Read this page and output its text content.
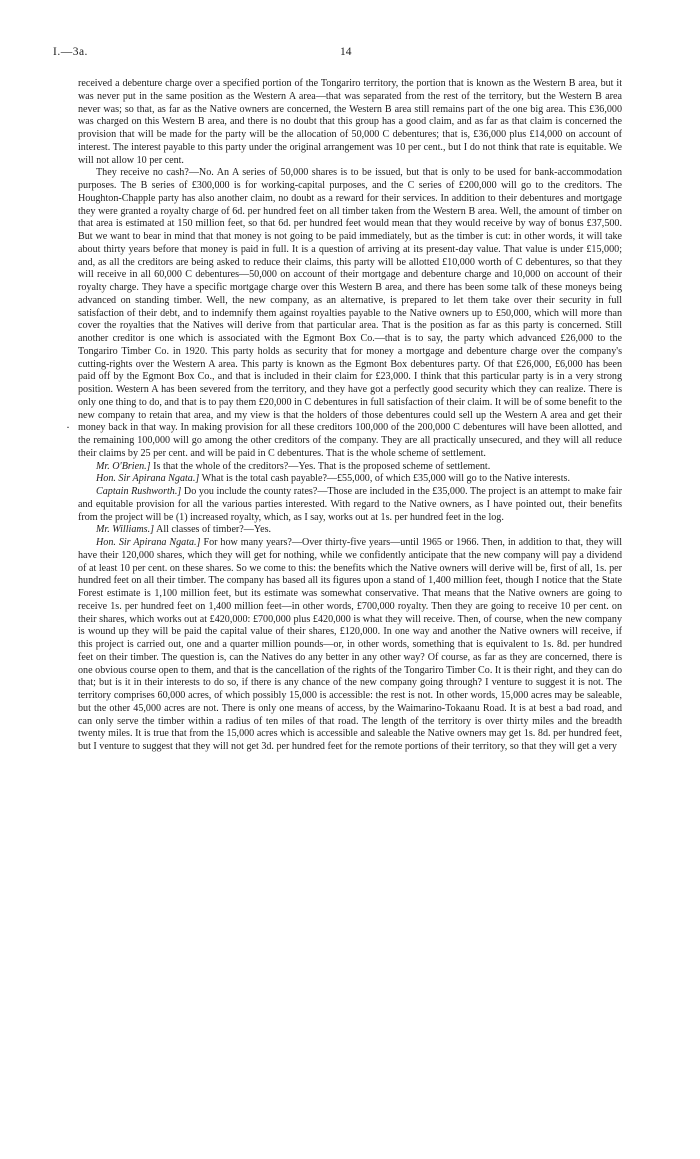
I.—3a.	14
·

received a debenture charge over a specified portion of the Tongariro territory, the portion that is known as the Western B area, but it was never put in the same position as the Western A area—that was separated from the rest of the territory, but the Western B area never was; so that, as far as the Native owners are concerned, the Western B area still remains part of the one big area. This £36,000 was charged on this Western B area, and there is no doubt that this group has a good claim, and as far as that claim is concerned the provision that will be made for the party will be the allocation of 50,000 C debentures; that is, £36,000 plus £14,000 on account of interest. The interest payable to this party under the original arrangement was 10 per cent., but I do not think that rate is equitable. We will not allow 10 per cent.

They receive no cash?—No. An A series of 50,000 shares is to be issued, but that is only to be used for bank-accommodation purposes. The B series of £300,000 is for working-capital purposes, and the C series of £200,000 will go to the creditors. The Houghton-Chapple party has also another claim, no doubt as a reward for their services. In addition to their debentures and mortgage they were granted a royalty charge of 6d. per hundred feet on all timber taken from the Western B area. Well, the amount of timber on that area is estimated at 150 million feet, so that 6d. per hundred feet would mean that they would receive by way of bonus £37,500. But we want to bear in mind that that money is not going to be paid immediately, but as the timber is cut: in other words, it will take about thirty years before that money is paid in full. It is a question of arriving at its present-day value. That value is under £15,000; and, as all the creditors are being asked to reduce their claims, this party will be allotted £10,000 worth of C debentures, so that they will receive in all 60,000 C debentures—50,000 on account of their mortgage and debenture charge and 10,000 on account of their royalty charge. They have a specific mortgage charge over this Western B area, and there has been some talk of these moneys being advanced on standing timber. Well, the new company, as an alternative, is prepared to let them take over their security in full satisfaction of their debt, and to indemnify them against royalties payable to the Native owners up to £50,000, which will more than cover the royalties that the Natives will derive from that particular area. That is the position as far as this party is concerned. Still another creditor is one which is associated with the Egmont Box Co.—that is to say, the party which advanced £26,000 to the Tongariro Timber Co. in 1920. This party holds as security that for money a mortgage and debenture charge over the company's cutting-rights over the Western A area. This party is known as the Egmont Box debentures party. Of that £26,000, £6,000 has been paid off by the Egmont Box Co., and that is included in their claim for £23,000. I think that this particular party is in a very strong position. Western A has been severed from the territory, and they have got a perfectly good security which they can realize. There is only one thing to do, and that is to pay them £20,000 in C debentures in full satisfaction of their claim. It will be of some benefit to the new company to retain that area, and my view is that the holders of those debentures could sell up the Western A area and get their money back in that way. In making provision for all these creditors 100,000 of the 200,000 C debentures will have been allotted, and the remaining 100,000 will go among the other creditors of the company. They are all practically unsecured, and they will all reduce their claims by 25 per cent. and will be paid in C debentures. That is the whole scheme of settlement.

Mr. O'Brien.] Is that the whole of the creditors?—Yes. That is the proposed scheme of settlement.

Hon. Sir Apirana Ngata.] What is the total cash payable?—£55,000, of which £35,000 will go to the Native interests.

Captain Rushworth.] Do you include the county rates?—Those are included in the £35,000. The project is an attempt to make fair and equitable provision for all the various parties interested. With regard to the Native owners, as I have pointed out, their benefits from the project will be (1) increased royalty, which, as I say, works out at 1s. per hundred feet in the log.

Mr. Williams.] All classes of timber?—Yes.

Hon. Sir Apirana Ngata.] For how many years?—Over thirty-five years—until 1965 or 1966. Then, in addition to that, they will have their 120,000 shares, which they will get for nothing, while we confidently anticipate that the new company will pay a dividend of at least 10 per cent. on these shares. So we come to this: the benefits which the Native owners will derive will be, first of all, 1s. per hundred feet on all their timber. The company has based all its figures upon a stand of 1,400 million feet, though I notice that the State Forest estimate is 1,100 million feet, but its estimate was somewhat conservative. That means that the Native owners are going to receive 1s. per hundred feet on 1,400 million feet—in other words, £700,000 royalty. Then they are going to receive 10 per cent. on their shares, which works out at £420,000: £700,000 plus £420,000 is what they will receive. Then, of course, when the new company is wound up they will be paid the capital value of their shares, £120,000. In one way and another the Native owners will receive, if this project is carried out, one and a quarter million pounds—or, in other words, something that is equivalent to 1s. 8d. per hundred feet on their timber. The question is, can the Natives do any better in any other way? Of course, as far as they are concerned, there is one obvious course open to them, and that is the cancellation of the rights of the Tongariro Timber Co. It is their right, and they can do that; but is it in their interests to do so, if there is any chance of the new company going through? I venture to suggest it is not. The territory comprises 60,000 acres, of which possibly 15,000 is accessible: the rest is not. In other words, 15,000 acres may be saleable, but the other 45,000 acres are not. There is only one means of access, by the Waimarino-Tokaanu Road. It is at best a bad road, and can only serve the timber within a radius of ten miles of that road. The length of the territory is over thirty miles and the breadth twenty miles. It is true that from the 15,000 acres which is accessible and saleable the Native owners may get 1s. 8d. per hundred feet, but I venture to suggest that they will not get 3d. per hundred feet for the remote portions of their territory, so that they will get a very
